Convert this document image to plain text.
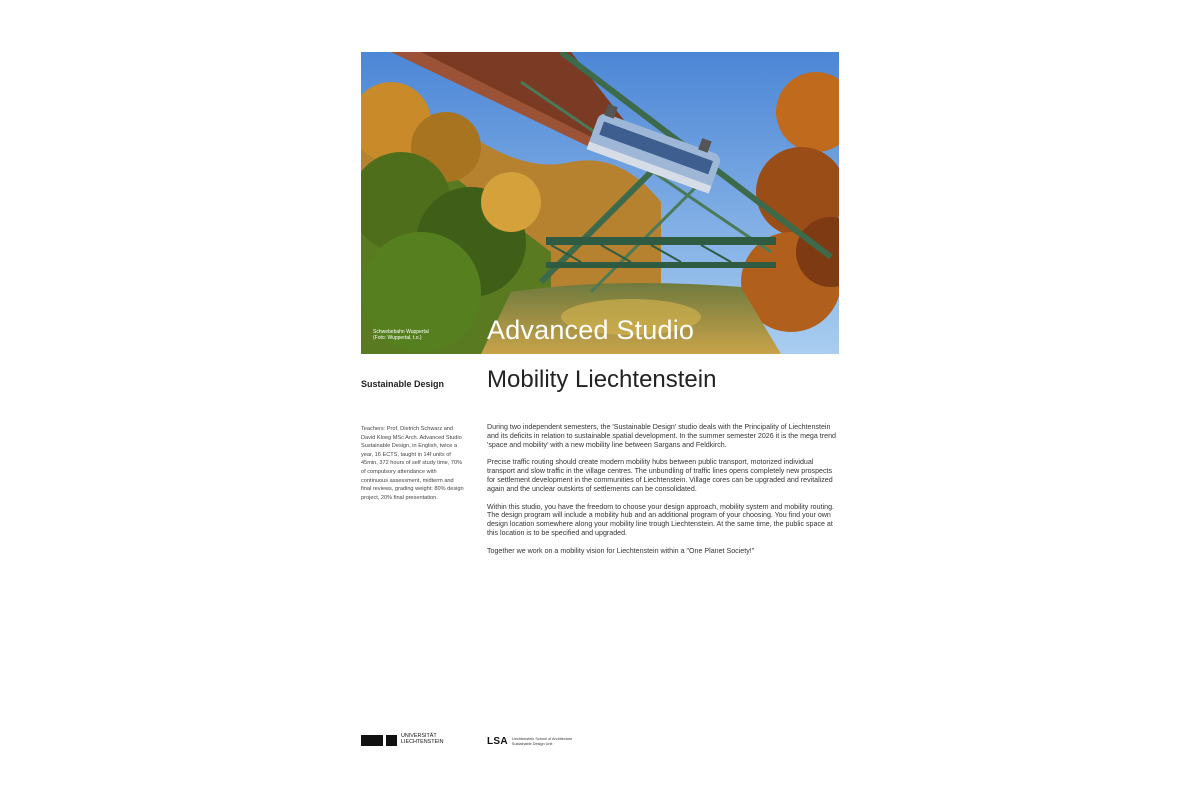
Schwebebahn Wuppertal
(Foto: Wuppertal, t.o.)	Advanced Studio
Sustainable Design Mobility Liechtenstein
Teachers: Prof. Dietrich Schwarz and David Kloeg MSc Arch. Advanced Studio Sustainable Design, in English, twice a year, 16 ECTS, taught in 14f units of 45min, 372 hours of self study time, 70% of compulsory attendance with continuous assessment, midterm and final reviews, grading weight: 80% design project, 20% final presentation.

During two independent semesters, the 'Sustainable Design' studio deals with the Principality of Liechtenstein and its deficits in relation to sustainable spatial development. In the summer semester 2026 it is the mega trend 'space and mobility' with a new mobility line between Sargans and Feldkirch.

Precise traffic routing should create modern mobility hubs between public transport, motorized individual transport and slow traffic in the village centres. The unbundling of traffic lines opens completely new prospects for settlement development in the communities of Liechtenstein. Village cores can be upgraded and revitalized again and the unclear outskirts of settlements can be consolidated.

Within this studio, you have the freedom to choose your design approach, mobility system and mobility routing. The design program will include a mobility hub and an additional program of your choosing. You find your own design location somewhere along your mobility line trough Liechtenstein. At the same time, the public space at this location is to be specified and upgraded.

Together we work on a mobility vision for Liechtenstein within a "One Planet Society!"

UNIVERSITÄT
LIECHTENSTEIN	LSA Liechtenstein School of Architecture
Sustainable Design Unit
